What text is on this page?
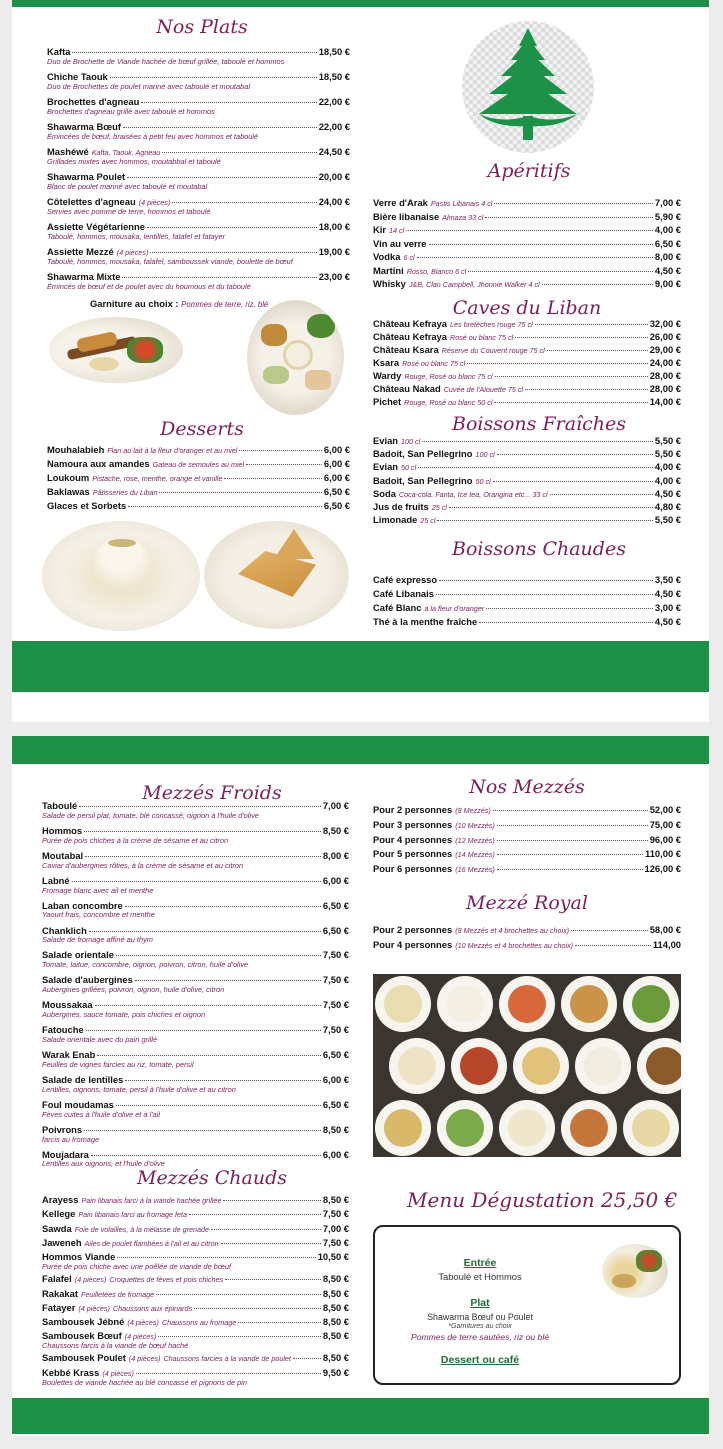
Nos Plats
Kafta	18,50 €
Duo de Brochette de Viande hachée de bœuf grillée, taboulé et hommos
Chiche Taouk	18,50 €
Duo de Brochettes de poulet mariné avec taboulé et moutabal
Brochettes d'agneau	22,00 €
Brochettes d'agneau grillé avec taboulé et hommos
Shawarma Bœuf	22,00 €
Émincées de bœuf, braisées à petit feu avec hommos et taboulé
Mashéwé Kafta, Taouk, Agneau	24,50 €
Grillades mixtes avec hommos, moutabbal et taboulé
Shawarma Poulet	20,00 €
Blanc de poulet mariné avec taboulé et moutabal
Côtelettes d'agneau (4 pièces)	24,00 €
Servies avec pomme de terre, hommos et taboulé
Assiette Végétarienne	18,00 €
Taboulé, hommos, mousaka, lentilles, falafel et fatayer
Assiette Mezzé (4 pièces)	19,00 €
Taboulé, hommos, mousaka, falafel, samboussek viande, boulette de bœuf
Shawarma Mixte	23,00 €
Émincés de bœuf et de poulet avec du houmous et du taboulé
Garniture au choix : Pommes de terre, riz, blé
Desserts
Mouhalabieh Flan au lait à la fleur d'oranger et au miel	6,00 €
Namoura aux amandes Gateau de semoules au miel	6,00 €
Loukoum Pistache, rose, menthe, orange et vanille	6,00 €
Baklawas Pâtisseries du Liban	6,50 €
Glaces et Sorbets	6,50 €
Apéritifs
Verre d'Arak Pastis Libanais 4 cl	7,00 €
Bière libanaise Almaza 33 cl	5,90 €
Kir 14 cl	4,00 €
Vin au verre	6,50 €
Vodka 6 cl	8,00 €
Martini Rosso, Bianco 6 cl	4,50 €
Whisky J&B, Clan Campbell, Jhonnie Walker 4 cl	9,00 €
Caves du Liban
Château Kefraya Les bretèches rouge 75 cl	32,00 €
Château Kefraya Rosé ou blanc 75 cl	26,00 €
Château Ksara Réserve du Couvent rouge 75 cl	29,00 €
Ksara Rosé ou blanc 75 cl	24,00 €
Wardy Rouge, Rosé ou blanc 75 cl	28,00 €
Château Nakad Cuvée de l'Alouette 75 cl	28,00 €
Pichet Rouge, Rosé ou blanc 50 cl	14,00 €
Boissons Fraîches
Evian 100 cl	5,50 €
Badoit, San Pellegrino 100 cl	5,50 €
Evian 50 cl	4,00 €
Badoit, San Pellegrino 50 cl	4,00 €
Soda Coca-cola, Fanta, Ice tea, Orangina etc... 33 cl	4,50 €
Jus de fruits 25 cl	4,80 €
Limonade 25 cl	5,50 €
Boissons Chaudes
Café expresso	3,50 €
Café Libanais	4,50 €
Café Blanc à la fleur d'oranger	3,00 €
Thé à la menthe fraîche	4,50 €
Mezzés Froids
Taboulé	7,00 €
Salade de persil plat, tomate, blé concassé, oignon à l'huile d'olive
Hommos	8,50 €
Purée de pois chiches à la crème de sésame et au citron
Moutabal	8,00 €
Caviar d'aubergines rôties, à la crème de sésame et au citron
Labné	6,00 €
Fromage blanc avec ail et menthe
Laban concombre	6,50 €
Yaourt frais, concombre et menthe
Chanklich	6,50 €
Salade de fromage affiné au thym
Salade orientale	7,50 €
Tomate, laitue, concombre, oignon, poivron, citron, huile d'olive
Salade d'aubergines	7,50 €
Aubergines grillées, poivron, oignon, huile d'olive, citron
Moussakaa	7,50 €
Aubergines, sauce tomate, pois chiches et oignon
Fatouche	7,50 €
Salade orientale avec du pain grillé
Warak Enab	6,50 €
Feuilles de vignes farcies au riz, tomate, persil
Salade de lentilles	6,00 €
Lentilles, oignons, tomate, persil à l'huile d'olive et au citron
Foul moudamas	6,50 €
Fèves cuites à l'huile d'olive et à l'ail
Poivrons	8,50 €
farcis au fromage
Moujadara	6,00 €
Lentilles aux oignons, et l'huile d'olive
Mezzés Chauds
Arayess Pain libanais farci à la viande hachée grillée	8,50 €
Kellege Pain libanais farci au fromage feta	7,50 €
Sawda Foie de volailles, à la mélasse de grenade	7,00 €
Jaweneh Ailes de poulet flambées à l'ail et au citron	7,50 €
Hommos Viande	10,50 €
Purée de pois chiche avec une poêlée de viande de bœuf
Falafel (4 pièces) Croquettes de fèves et pois chiches	8,50 €
Rakakat Feuilletées de fromage	8,50 €
Fatayer (4 pièces) Chaussons aux épinards	8,50 €
Sambousek Jébné (4 pièces) Chaussons au fromage	8,50 €
Sambousek Bœuf (4 pièces)	8,50 €
Chaussons farcis à la viande de bœuf haché
Sambousek Poulet (4 pièces) Chaussons farcies à la viande de poulet	8,50 €
Kebbé Krass (4 pièces)	9,50 €
Boulettes de viande hachée au blé concassé et pignons de pin
Nos Mezzés
Pour 2 personnes (8 Mezzés)	52,00 €
Pour 3 personnes (10 Mezzés)	75,00 €
Pour 4 personnes (12 Mezzés)	96,00 €
Pour 5 personnes (14 Mezzés)	110,00 €
Pour 6 personnes (16 Mezzés)	126,00 €
Mezzé Royal
Pour 2 personnes (8 Mezzés et 4 brochettes au choix)	58,00 €
Pour 4 personnes (10 Mezzés et 4 brochettes au choix)	114,00
Menu Dégustation 25,50 €
Entrée
Taboulé et Hommos
Plat
Shawarma Bœuf ou Poulet
*Garnitures au choix
Pommes de terre sautées, riz ou blé
Dessert ou café
